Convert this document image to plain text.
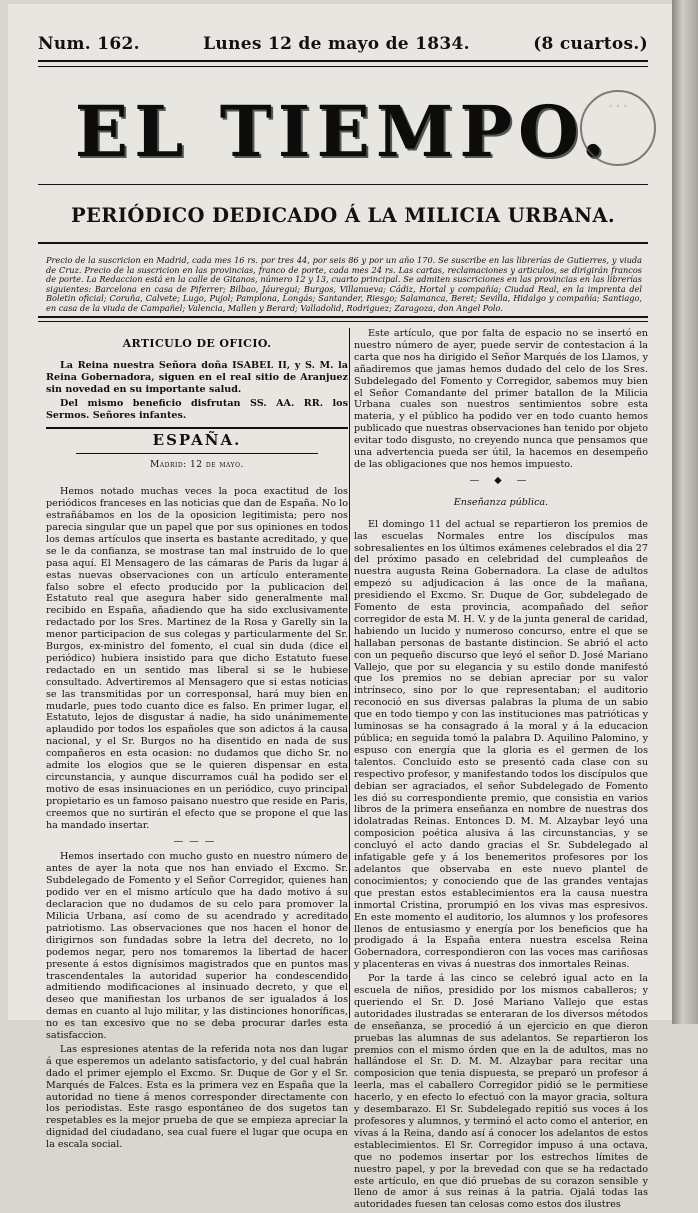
Num. 162.	Lunes 12 de mayo de 1834.	(8 cuartos.)
EL TIEMPO.
◦ ◦ ◦
PERIÓDICO DEDICADO Á LA MILICIA URBANA.
Precio de la suscricion en Madrid, cada mes 16 rs. por tres 44, por seis 86 y por un año 170. Se suscribe en las librerías de Gutierres, y viuda de Cruz. Precio de la suscricion en las provincias, franco de porte, cada mes 24 rs. Las cartas, reclamaciones y articulos, se dirigirán francos de porte. La Redaccion está en la calle de Gitanos, número 12 y 13, cuarto principal. Se admiten suscriciones en las provincias en las librerías siguientes: Barcelona en casa de Piferrer; Bilbao, Jáuregui; Burgos, Villanueva; Cádiz, Hortal y compañía; Ciudad Real, en la imprenta del Boletin oficial; Coruña, Calvete; Lugo, Pujol; Pamplona, Longás; Santander, Riesgo; Salamanca, Beret; Sevilla, Hidalgo y compañía; Santiago, en casa de la viuda de Campañel; Valencia, Mallen y Berard; Valladolid, Rodriguez; Zaragoza, don Angel Polo.
ARTICULO DE OFICIO.

La Reina nuestra Señora doña ISABEL II, y S. M. la Reina Gobernadora, siguen en el real sitio de Aranjuez sin novedad en su importante salud.

Del mismo beneficio disfrutan SS. AA. RR. los Sermos. Señores infantes.

ESPAÑA.
Madrid: 12 de mayo.

Hemos notado muchas veces la poca exactitud de los periódicos franceses en las noticias que dan de España. No lo estrañábamos en los de la oposicion legitimista; pero nos parecia singular que un papel que por sus opiniones en todos los demas artículos que inserta es bastante acreditado, y que se le da confianza, se mostrase tan mal instruido de lo que pasa aquí. El Mensagero de las cámaras de Paris da lugar á estas nuevas observaciones con un artículo enteramente falso sobre el efecto producido por la publicacion del Estatuto real que asegura haber sido generalmente mal recibido en España, añadiendo que ha sido exclusivamente redactado por los Sres. Martinez de la Rosa y Garelly sin la menor participacion de sus colegas y particularmente del Sr. Burgos, ex-ministro del fomento, el cual sin duda (dice el periódico) hubiera insistido para que dicho Estatuto fuese redactado en un sentido mas liberal si se le hubiese consultado. Advertiremos al Mensagero que si estas noticias se las transmitidas por un corresponsal, hará muy bien en mudarle, pues todo cuanto dice es falso. En primer lugar, el Estatuto, lejos de disgustar á nadie, ha sido unánimemente aplaudido por todos los españoles que son adictos á la causa nacional, y el Sr. Burgos no ha disentido en nada de sus compañeros en esta ocasion: no dudamos que dicho Sr. no admite los elogios que se le quieren dispensar en esta circunstancia, y aunque discurramos cuál ha podido ser el motivo de esas insinuaciones en un periódico, cuyo principal propietario es un famoso paisano nuestro que reside en Paris, creemos que no surtirán el efecto que se propone el que las ha mandado insertar.

———

Hemos insertado con mucho gusto en nuestro número de antes de ayer la nota que nos han enviado el Excmo. Sr. Subdelegado de Fomento y el Señor Corregidor, quienes han podido ver en el mismo artículo que ha dado motivo á su declaracion que no dudamos de su celo para promover la Milicia Urbana, así como de su acendrado y acreditado patriotismo. Las observaciones que nos hacen el honor de dirigirnos son fundadas sobre la letra del decreto, no lo podemos negar, pero nos tomaremos la libertad de hacer presente á estos dignísimos magistrados que en puntos mas trascendentales la autoridad superior ha condescendido admitiendo modificaciones al insinuado decreto, y que el deseo que manifiestan los urbanos de ser igualados á los demas en cuanto al lujo militar, y las distinciones honoríficas, no es tan excesivo que no se deba procurar darles esta satisfaccion.

Las espresiones atentas de la referida nota nos dan lugar á que esperemos un adelanto satisfactorio, y del cual habrán dado el primer ejemplo el Excmo. Sr. Duque de Gor y el Sr. Marqués de Falces. Esta es la primera vez en España que la autoridad no tiene á menos corresponder directamente con los periodistas. Este rasgo espontáneo de dos sugetos tan respetables es la mejor prueba de que se empieza apreciar la dignidad del ciudadano, sea cual fuere el lugar que ocupa en la escala social.

Este artículo, que por falta de espacio no se insertó en nuestro número de ayer, puede servir de contestacion á la carta que nos ha dirigido el Señor Marqués de los Llamos, y añadiremos que jamas hemos dudado del celo de los Sres. Subdelegado del Fomento y Corregidor, sabemos muy bien el Señor Comandante del primer batallon de la Milicia Urbana cuales son nuestros sentimientos sobre esta materia, y el público ha podido ver en todo cuanto hemos publicado que nuestras observaciones han tenido por objeto evitar todo disgusto, no creyendo nunca que pensamos que una advertencia pueda ser útil, la hacemos en desempeño de las obligaciones que nos hemos impuesto.

— ◆ —
Enseñanza pública.

El domingo 11 del actual se repartieron los premios de las escuelas Normales entre los discípulos mas sobresalientes en los últimos exámenes celebrados el dia 27 del próximo pasado en celebridad del cumpleaños de nuestra augusta Reina Gobernadora. La clase de adultos empezó su adjudicacion á las once de la mañana, presidiendo el Excmo. Sr. Duque de Gor, subdelegado de Fomento de esta provincia, acompañado del señor corregidor de esta M. H. V. y de la junta general de caridad, habiendo un lucido y numeroso concurso, entre el que se hallaban personas de bastante distincion. Se abrió el acto con un pequeño discurso que leyó el señor D. José Mariano Vallejo, que por su elegancia y su estilo donde manifestó que los premios no se debian apreciar por su valor intrínseco, sino por lo que representaban; el auditorio reconoció en sus diversas palabras la pluma de un sabio que en todo tiempo y con las instituciones mas patrióticas y luminosas se ha consagrado á la moral y á la educacion pública; en seguida tomó la palabra D. Aquilino Palomino, y espuso con energía que la gloria es el germen de los talentos. Concluido esto se presentó cada clase con su respectivo profesor, y manifestando todos los discípulos que debian ser agraciados, el señor Subdelegado de Fomento les dió su correspondiente premio, que consistia en varios libros de la primera enseñanza en nombre de nuestras dos idolatradas Reinas. Entonces D. M. M. Alzaybar leyó una composicion poética alusiva á las circunstancias, y se concluyó el acto dando gracias el Sr. Subdelegado al infatigable gefe y á los benemeritos profesores por los adelantos que observaba en este nuevo plantel de conocimientos; y conociendo que de las grandes ventajas que prestan estos establecimientos era la causa nuestra inmortal Cristina, prorumpió en los vivas mas espresivos. En este momento el auditorio, los alumnos y los profesores llenos de entusiasmo y energía por los beneficios que ha prodigado á la España entera nuestra escelsa Reina Gobernadora, correspondieron con las voces mas cariñosas y placenteras en vivas á nuestras dos inmortales Reinas.

Por la tarde á las cinco se celebró igual acto en la escuela de niños, presidido por los mismos caballeros; y queriendo el Sr. D. José Mariano Vallejo que estas autoridades ilustradas se enteraran de los diversos métodos de enseñanza, se procedió á un ejercicio en que dieron pruebas las alumnas de sus adelantos. Se repartieron los premios con el mismo órden que en la de adultos, mas no hallándose el Sr. D. M. M. Alzaybar para recitar una composicion que tenia dispuesta, se preparó un profesor á leerla, mas el caballero Corregidor pidió se le permitiese hacerlo, y en efecto lo efectuó con la mayor gracia, soltura y desembarazo. El Sr. Subdelegado repitió sus voces á los profesores y alumnos, y terminó el acto como el anterior, en vivas á la Reina, dando así á conocer los adelantos de estos establecimientos. El Sr. Corregidor impuso á una octava, que no podemos insertar por los estrechos límites de nuestro papel, y por la brevedad con que se ha redactado este artículo, en que dió pruebas de su corazon sensible y lleno de amor á sus reinas á la patria. Ojalá todas las autoridades fuesen tan celosas como estos dos ilustres
